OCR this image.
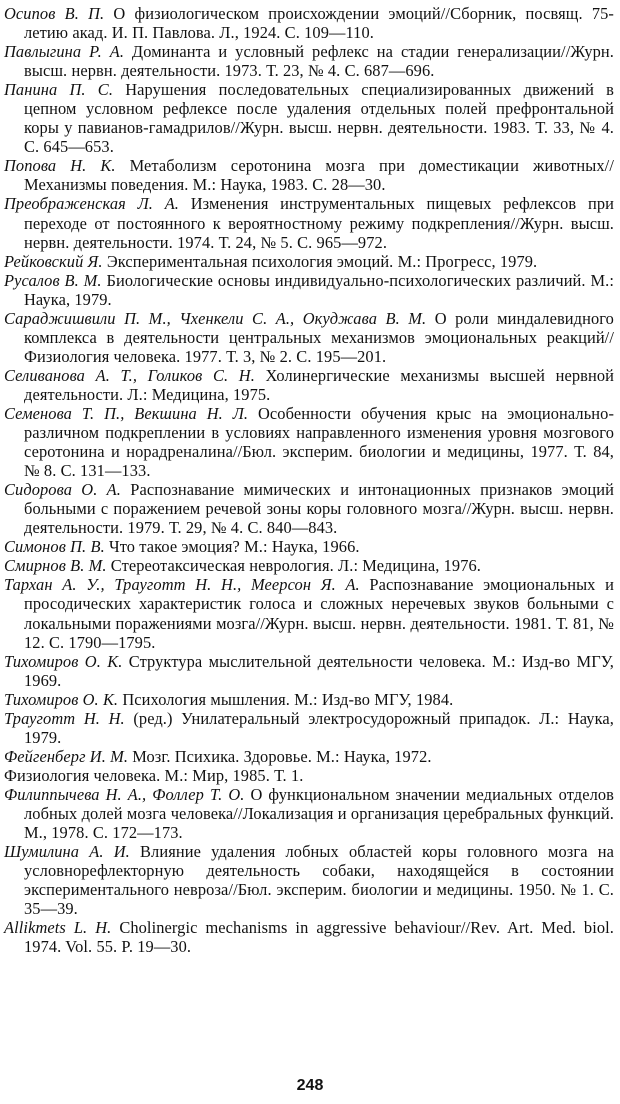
Осипов В. П. О физиологическом происхождении эмоций//Сборник, посвящ. 75-летию акад. И. П. Павлова. Л., 1924. С. 109—110.
Павлыгина Р. А. Доминанта и условный рефлекс на стадии генерализации//Журн. высш. нервн. деятельности. 1973. Т. 23, № 4. С. 687—696.
Панина П. С. Нарушения последовательных специализированных движений в цепном условном рефлексе после удаления отдельных полей префронтальной коры у павианов-гамадрилов//Журн. высш. нервн. деятельности. 1983. Т. 33, № 4. С. 645—653.
Попова Н. К. Метаболизм серотонина мозга при доместикации животных//Механизмы поведения. М.: Наука, 1983. С. 28—30.
Преображенская Л. А. Изменения инструментальных пищевых рефлексов при переходе от постоянного к вероятностному режиму подкрепления//Журн. высш. нервн. деятельности. 1974. Т. 24, № 5. С. 965—972.
Рейковский Я. Экспериментальная психология эмоций. М.: Прогресс, 1979.
Русалов В. М. Биологические основы индивидуально-психологических различий. М.: Наука, 1979.
Сараджишвили П. М., Чхенкели С. А., Окуджава В. М. О роли миндалевидного комплекса в деятельности центральных механизмов эмоциональных реакций//Физиология человека. 1977. Т. 3, № 2. С. 195—201.
Селиванова А. Т., Голиков С. Н. Холинергические механизмы высшей нервной деятельности. Л.: Медицина, 1975.
Семенова Т. П., Векшина Н. Л. Особенности обучения крыс на эмоционально-различном подкреплении в условиях направленного изменения уровня мозгового серотонина и норадреналина//Бюл. эксперим. биологии и медицины, 1977. Т. 84, № 8. С. 131—133.
Сидорова О. А. Распознавание мимических и интонационных признаков эмоций больными с поражением речевой зоны коры головного мозга//Журн. высш. нервн. деятельности. 1979. Т. 29, № 4. С. 840—843.
Симонов П. В. Что такое эмоция? М.: Наука, 1966.
Смирнов В. М. Стереотаксическая неврология. Л.: Медицина, 1976.
Тархан А. У., Трауготт Н. Н., Меерсон Я. А. Распознавание эмоциональных и просодических характеристик голоса и сложных неречевых звуков больными с локальными поражениями мозга//Журн. высш. нервн. деятельности. 1981. Т. 81, № 12. С. 1790—1795.
Тихомиров О. К. Структура мыслительной деятельности человека. М.: Изд-во МГУ, 1969.
Тихомиров О. К. Психология мышления. М.: Изд-во МГУ, 1984.
Трауготт Н. Н. (ред.) Унилатеральный электросудорожный припадок. Л.: Наука, 1979.
Фейгенберг И. М. Мозг. Психика. Здоровье. М.: Наука, 1972.
Физиология человека. М.: Мир, 1985. Т. 1.
Филиппычева Н. А., Фоллер Т. О. О функциональном значении медиальных отделов лобных долей мозга человека//Локализация и организация церебральных функций. М., 1978. С. 172—173.
Шумилина А. И. Влияние удаления лобных областей коры головного мозга на условнорефлекторную деятельность собаки, находящейся в состоянии экспериментального невроза//Бюл. эксперим. биологии и медицины. 1950. № 1. С. 35—39.
Allikmets L. H. Cholinergic mechanisms in aggressive behaviour//Rev. Art. Med. biol. 1974. Vol. 55. P. 19—30.
248
